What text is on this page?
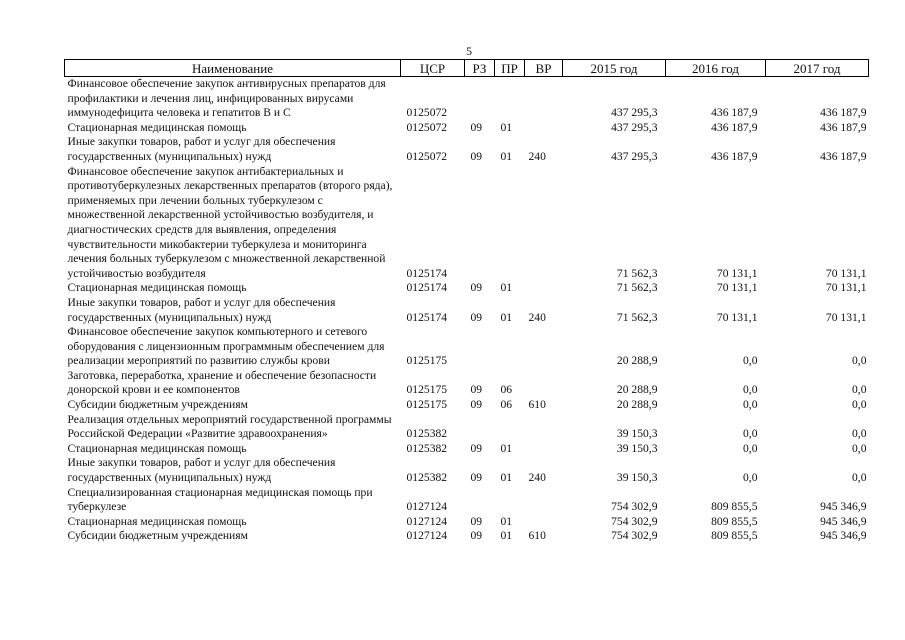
5
Наименование	ЦСР	РЗ	ПР	ВР	2015 год	2016 год	2017 год
Финансовое обеспечение закупок антивирусных препаратов для профилактики и лечения лиц, инфицированных вирусами иммунодефицита человека и гепатитов В и С	0125072				437 295,3	436 187,9	436 187,9
Стационарная медицинская помощь	0125072	09	01		437 295,3	436 187,9	436 187,9
Иные закупки товаров, работ и услуг для обеспечения государственных (муниципальных) нужд	0125072	09	01	240	437 295,3	436 187,9	436 187,9
Финансовое обеспечение закупок антибактериальных и противотуберкулезных лекарственных препаратов (второго ряда), применяемых при лечении больных туберкулезом с множественной лекарственной устойчивостью возбудителя, и диагностических средств для выявления, определения чувствительности микобактерии туберкулеза и мониторинга лечения больных туберкулезом с множественной лекарственной устойчивостью возбудителя	0125174				71 562,3	70 131,1	70 131,1
Стационарная медицинская помощь	0125174	09	01		71 562,3	70 131,1	70 131,1
Иные закупки товаров, работ и услуг для обеспечения государственных (муниципальных) нужд	0125174	09	01	240	71 562,3	70 131,1	70 131,1
Финансовое обеспечение закупок компьютерного и сетевого оборудования с лицензионным программным обеспечением для реализации мероприятий по развитию службы крови	0125175				20 288,9	0,0	0,0
Заготовка, переработка, хранение и обеспечение безопасности донорской крови и ее компонентов	0125175	09	06		20 288,9	0,0	0,0
Субсидии бюджетным учреждениям	0125175	09	06	610	20 288,9	0,0	0,0
Реализация отдельных мероприятий государственной программы Российской Федерации «Развитие здравоохранения»	0125382				39 150,3	0,0	0,0
Стационарная медицинская помощь	0125382	09	01		39 150,3	0,0	0,0
Иные закупки товаров, работ и услуг для обеспечения государственных (муниципальных) нужд	0125382	09	01	240	39 150,3	0,0	0,0
Специализированная стационарная медицинская помощь при туберкулезе	0127124				754 302,9	809 855,5	945 346,9
Стационарная медицинская помощь	0127124	09	01		754 302,9	809 855,5	945 346,9
Субсидии бюджетным учреждениям	0127124	09	01	610	754 302,9	809 855,5	945 346,9
